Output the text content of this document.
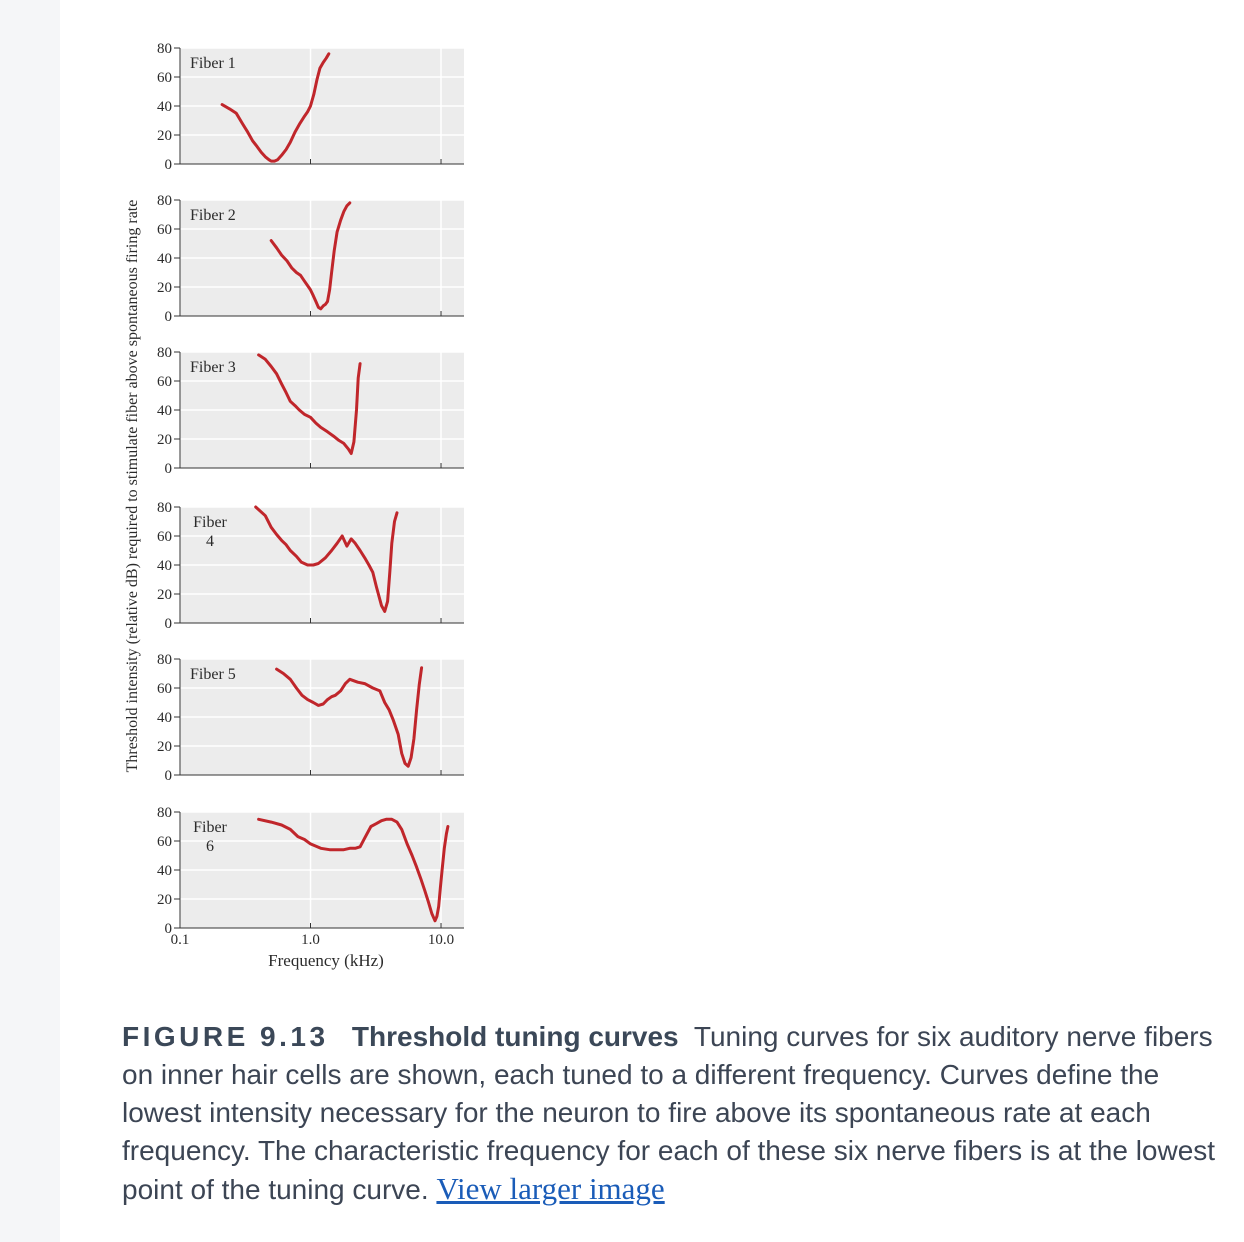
80
60
40
20
0
Fiber 1
80
60
40
20
0
Fiber 2
80
60
40
20
0
Fiber 3
80
60
40
20
0
Fiber
4
80
60
40
20
0
Fiber 5
80
60
40
20
0
Fiber
6
0.1	1.0	10.0
Frequency (kHz)
Threshold intensity (relative dB) required to stimulate fiber above spontaneous firing rate
FIGURE 9.13 Threshold tuning curves Tuning curves for six auditory nerve fibers on inner hair cells are shown, each tuned to a different frequency. Curves define the lowest intensity necessary for the neuron to fire above its spontaneous rate at each frequency. The characteristic frequency for each of these six nerve fibers is at the lowest point of the tuning curve. View larger image
